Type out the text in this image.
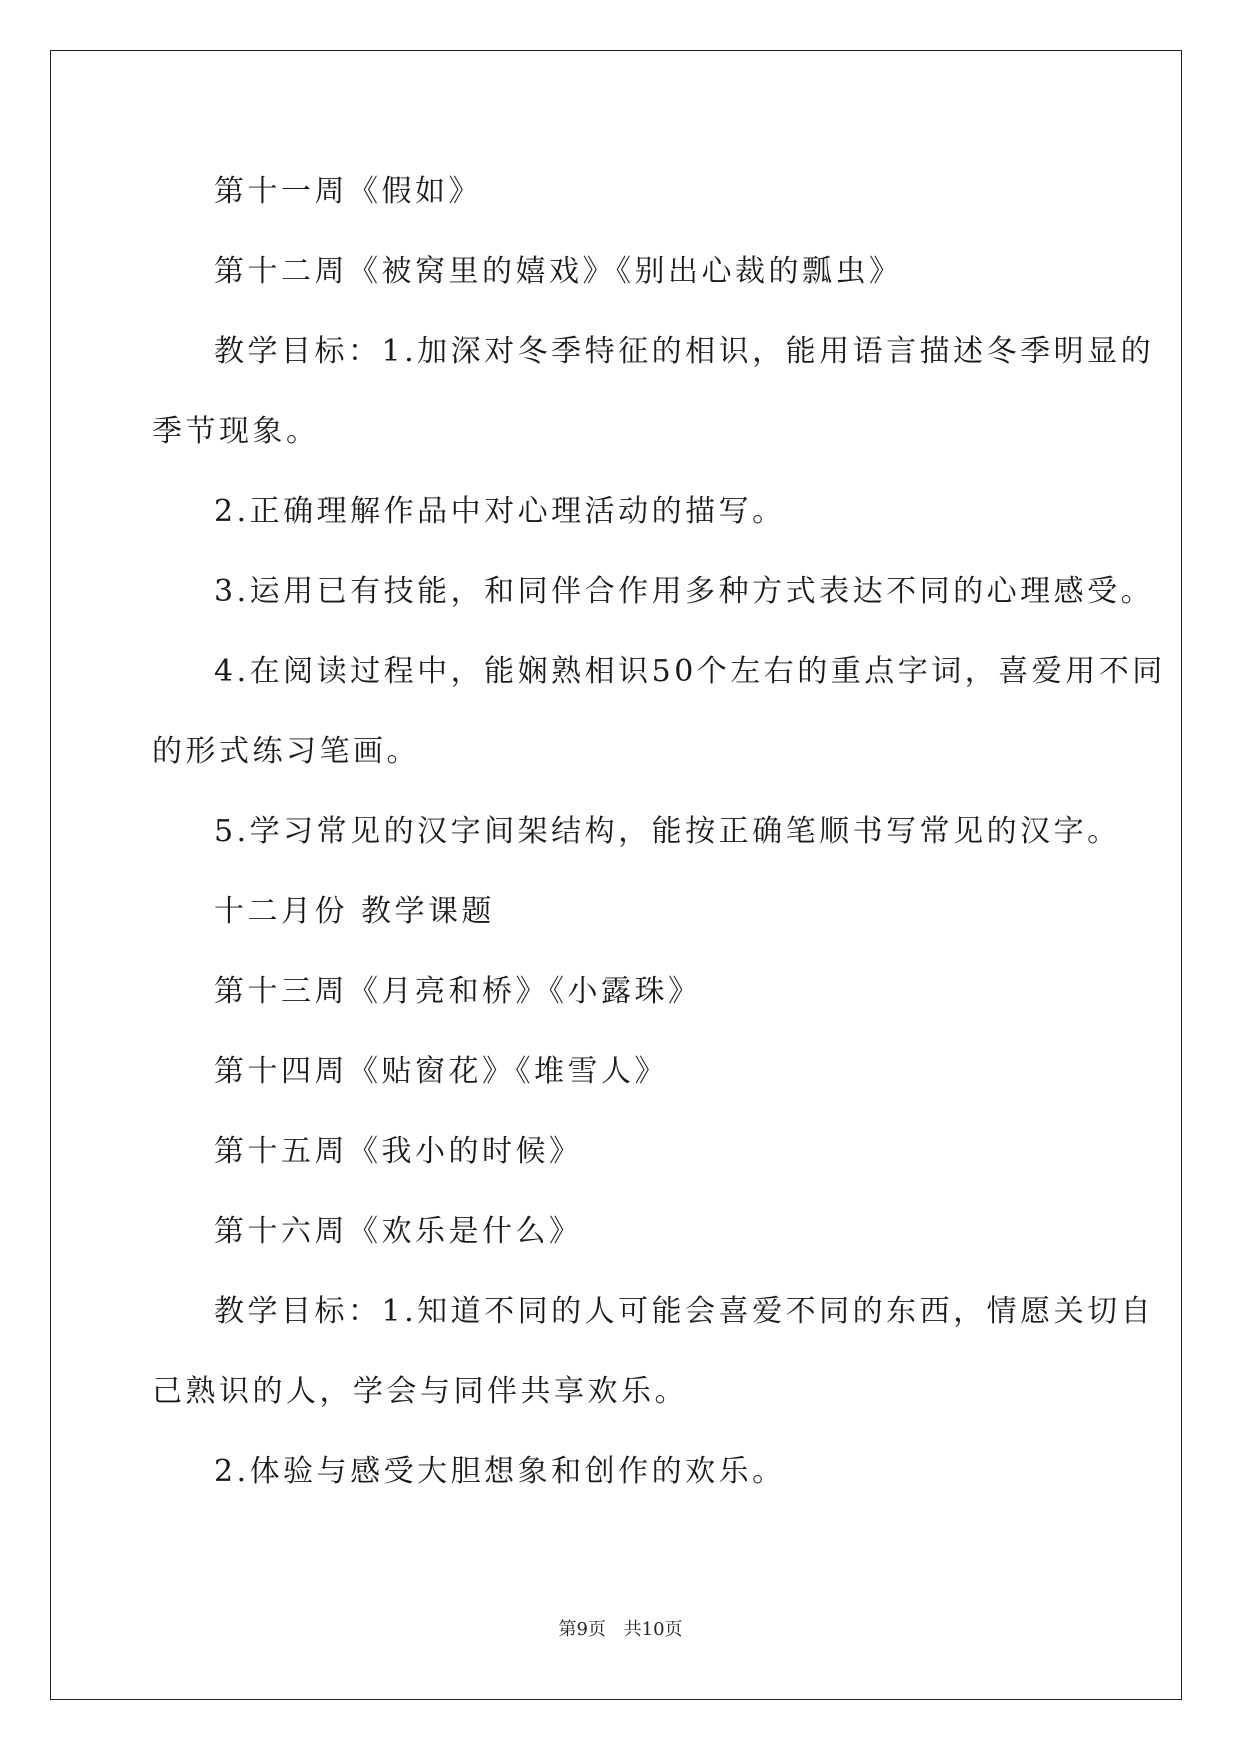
第十一周《假如》
第十二周《被窝里的嬉戏》《别出心裁的瓢虫》
教学目标：1.加深对冬季特征的相识，能用语言描述冬季明显的
季节现象。
2.正确理解作品中对心理活动的描写。
3.运用已有技能，和同伴合作用多种方式表达不同的心理感受。
4.在阅读过程中，能娴熟相识50个左右的重点字词，喜爱用不同
的形式练习笔画。
5.学习常见的汉字间架结构，能按正确笔顺书写常见的汉字。
十二月份 教学课题
第十三周《月亮和桥》《小露珠》
第十四周《贴窗花》《堆雪人》
第十五周《我小的时候》
第十六周《欢乐是什么》
教学目标：1.知道不同的人可能会喜爱不同的东西，情愿关切自
己熟识的人，学会与同伴共享欢乐。
2.体验与感受大胆想象和创作的欢乐。
第9页 共10页
